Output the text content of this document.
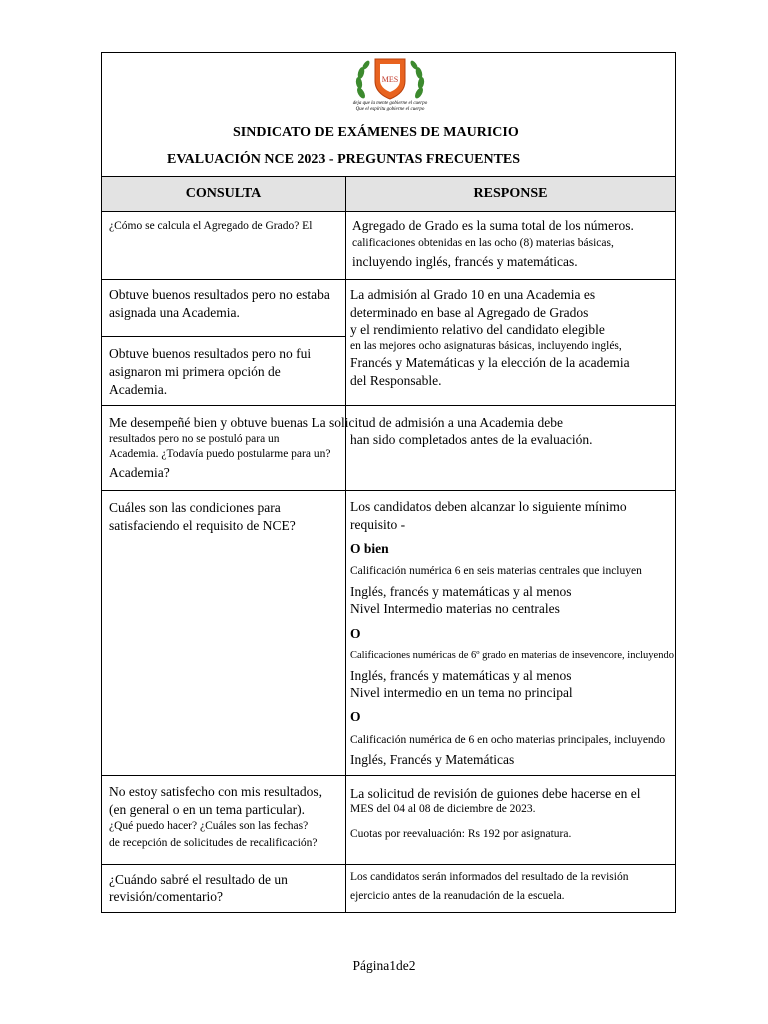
MES
deja que la mente gobierne el cuerpo
Que el espíritu gobierne el cuerpo
SINDICATO DE EXÁMENES DE MAURICIO
EVALUACIÓN NCE 2023 - PREGUNTAS FRECUENTES
CONSULTA	RESPONSE
¿Cómo se calcula el Agregado de Grado? El	Agregado de Grado es la suma total de los números.
calificaciones obtenidas en las ocho (8) materias básicas,
incluyendo inglés, francés y matemáticas.
Obtuve buenos resultados pero no estaba
asignada una Academia.
Obtuve buenos resultados pero no fui
asignaron mi primera opción de
Academia.
La admisión al Grado 10 en una Academia es
determinado en base al Agregado de Grados
y el rendimiento relativo del candidato elegible
en las mejores ocho asignaturas básicas, incluyendo inglés,
Francés y Matemáticas y la elección de la academia
del Responsable.
Me desempeñé bien y obtuve buenas La solicitud de admisión a una Academia debe
resultados pero no se postuló para un
Academia. ¿Todavía puedo postularme para un?
Academia?
han sido completados antes de la evaluación.
Cuáles son las condiciones para
satisfaciendo el requisito de NCE?
Los candidatos deben alcanzar lo siguiente mínimo
requisito -
O bien
Calificación numérica 6 en seis materias centrales que incluyen
Inglés, francés y matemáticas y al menos
Nivel Intermedio materias no centrales
O
Calificaciones numéricas de 6º grado en materias de insevencore, incluyendo
Inglés, francés y matemáticas y al menos
Nivel intermedio en un tema no principal
O
Calificación numérica de 6 en ocho materias principales, incluyendo
Inglés, Francés y Matemáticas
No estoy satisfecho con mis resultados,
(en general o en un tema particular).
¿Qué puedo hacer? ¿Cuáles son las fechas?
de recepción de solicitudes de recalificación?
La solicitud de revisión de guiones debe hacerse en el
MES del 04 al 08 de diciembre de 2023.
Cuotas por reevaluación: Rs 192 por asignatura.
¿Cuándo sabré el resultado de un
revisión/comentario?
Los candidatos serán informados del resultado de la revisión
ejercicio antes de la reanudación de la escuela.
Página1de2
